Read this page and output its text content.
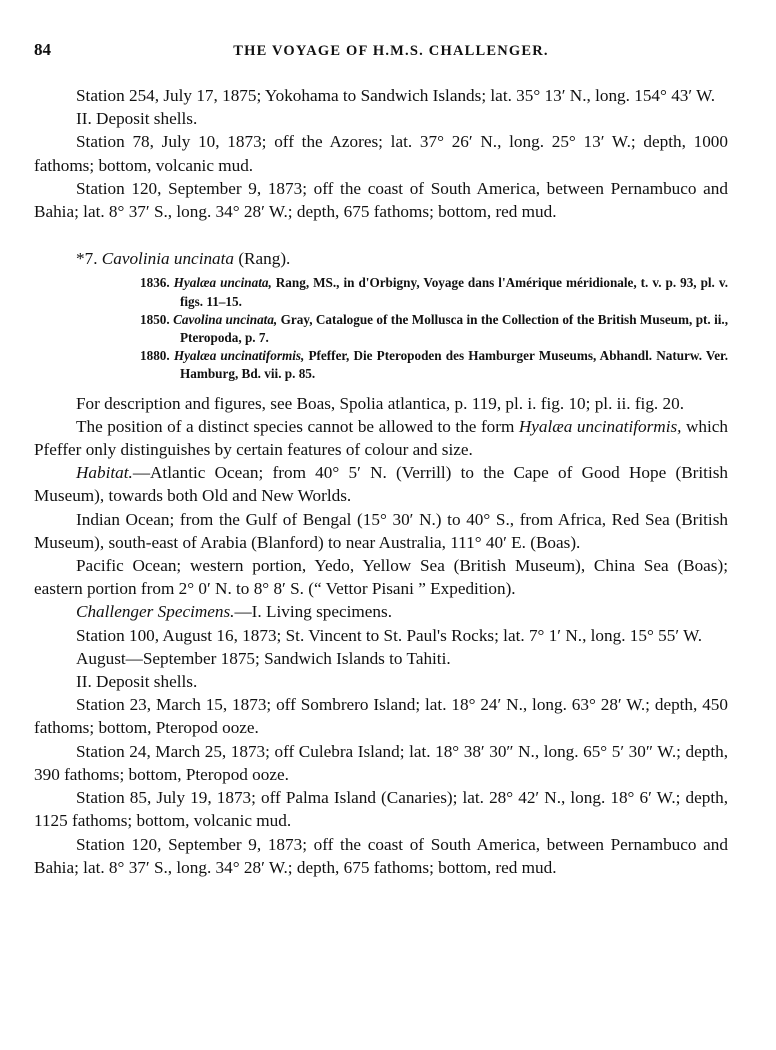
84	THE VOYAGE OF H.M.S. CHALLENGER.

Station 254, July 17, 1875; Yokohama to Sandwich Islands; lat. 35° 13′ N., long. 154° 43′ W.

II. Deposit shells.

Station 78, July 10, 1873; off the Azores; lat. 37° 26′ N., long. 25° 13′ W.; depth, 1000 fathoms; bottom, volcanic mud.

Station 120, September 9, 1873; off the coast of South America, between Pernambuco and Bahia; lat. 8° 37′ S., long. 34° 28′ W.; depth, 675 fathoms; bottom, red mud.

*7. Cavolinia uncinata (Rang).

1836. Hyalæa uncinata, Rang, MS., in d'Orbigny, Voyage dans l'Amérique méridionale, t. v. p. 93, pl. v. figs. 11–15.
1850. Cavolina uncinata, Gray, Catalogue of the Mollusca in the Collection of the British Museum, pt. ii., Pteropoda, p. 7.
1880. Hyalæa uncinatiformis, Pfeffer, Die Pteropoden des Hamburger Museums, Abhandl. Naturw. Ver. Hamburg, Bd. vii. p. 85.

For description and figures, see Boas, Spolia atlantica, p. 119, pl. i. fig. 10; pl. ii. fig. 20.

The position of a distinct species cannot be allowed to the form Hyalæa uncinatiformis, which Pfeffer only distinguishes by certain features of colour and size.

Habitat.—Atlantic Ocean; from 40° 5′ N. (Verrill) to the Cape of Good Hope (British Museum), towards both Old and New Worlds.

Indian Ocean; from the Gulf of Bengal (15° 30′ N.) to 40° S., from Africa, Red Sea (British Museum), south-east of Arabia (Blanford) to near Australia, 111° 40′ E. (Boas).

Pacific Ocean; western portion, Yedo, Yellow Sea (British Museum), China Sea (Boas); eastern portion from 2° 0′ N. to 8° 8′ S. (“ Vettor Pisani ” Expedition).

Challenger Specimens.—I. Living specimens.

Station 100, August 16, 1873; St. Vincent to St. Paul's Rocks; lat. 7° 1′ N., long. 15° 55′ W.

August—September 1875; Sandwich Islands to Tahiti.

II. Deposit shells.

Station 23, March 15, 1873; off Sombrero Island; lat. 18° 24′ N., long. 63° 28′ W.; depth, 450 fathoms; bottom, Pteropod ooze.

Station 24, March 25, 1873; off Culebra Island; lat. 18° 38′ 30″ N., long. 65° 5′ 30″ W.; depth, 390 fathoms; bottom, Pteropod ooze.

Station 85, July 19, 1873; off Palma Island (Canaries); lat. 28° 42′ N., long. 18° 6′ W.; depth, 1125 fathoms; bottom, volcanic mud.

Station 120, September 9, 1873; off the coast of South America, between Pernambuco and Bahia; lat. 8° 37′ S., long. 34° 28′ W.; depth, 675 fathoms; bottom, red mud.
